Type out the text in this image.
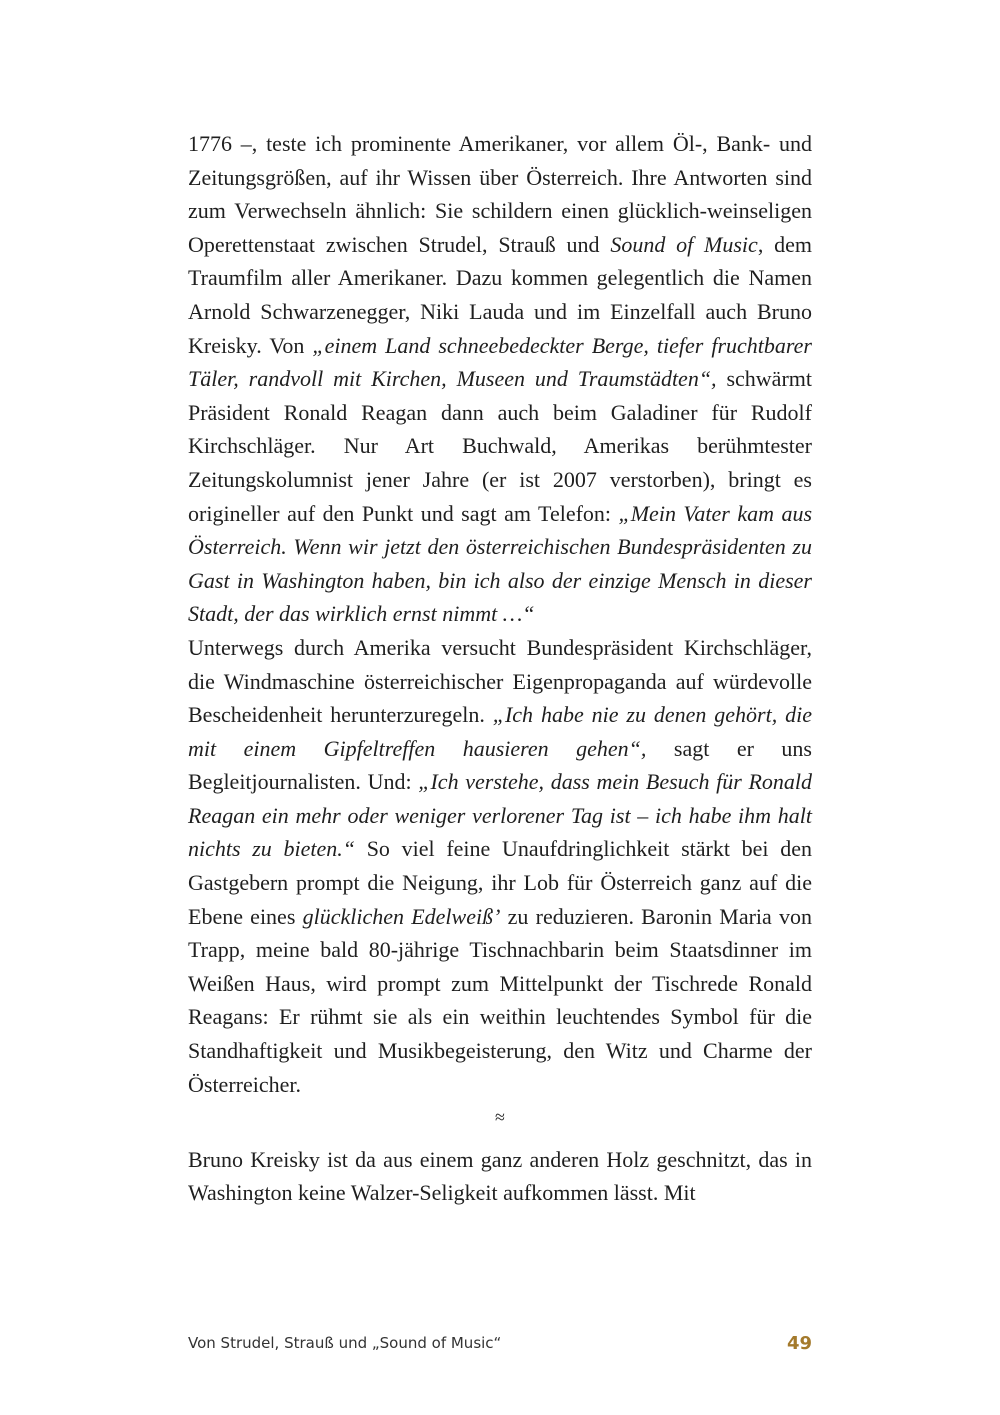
1776 –, teste ich prominente Amerikaner, vor allem Öl-, Bank- und Zeitungsgrößen, auf ihr Wissen über Österreich. Ihre Antworten sind zum Verwechseln ähnlich: Sie schildern einen glücklich-weinseligen Operettenstaat zwischen Strudel, Strauß und Sound of Music, dem Traumfilm aller Amerikaner. Dazu kommen gelegentlich die Namen Arnold Schwarzenegger, Niki Lauda und im Einzelfall auch Bruno Kreisky. Von „einem Land schneebedeckter Berge, tiefer fruchtbarer Täler, randvoll mit Kirchen, Museen und Traumstädten“, schwärmt Präsident Ronald Reagan dann auch beim Galadiner für Rudolf Kirchschläger. Nur Art Buchwald, Amerikas berühmtester Zeitungskolumnist jener Jahre (er ist 2007 verstorben), bringt es origineller auf den Punkt und sagt am Telefon: „Mein Vater kam aus Österreich. Wenn wir jetzt den österreichischen Bundespräsidenten zu Gast in Washington haben, bin ich also der einzige Mensch in dieser Stadt, der das wirklich ernst nimmt …“

Unterwegs durch Amerika versucht Bundespräsident Kirchschläger, die Windmaschine österreichischer Eigenpropaganda auf würdevolle Bescheidenheit herunterzuregeln. „Ich habe nie zu denen gehört, die mit einem Gipfeltreffen hausieren gehen“, sagt er uns Begleitjournalisten. Und: „Ich verstehe, dass mein Besuch für Ronald Reagan ein mehr oder weniger verlorener Tag ist – ich habe ihm halt nichts zu bieten.“ So viel feine Unaufdringlichkeit stärkt bei den Gastgebern prompt die Neigung, ihr Lob für Österreich ganz auf die Ebene eines glücklichen Edelweiß’ zu reduzieren. Baronin Maria von Trapp, meine bald 80-jährige Tischnachbarin beim Staatsdinner im Weißen Haus, wird prompt zum Mittelpunkt der Tischrede Ronald Reagans: Er rühmt sie als ein weithin leuchtendes Symbol für die Standhaftigkeit und Musikbegeisterung, den Witz und Charme der Österreicher.

≈

Bruno Kreisky ist da aus einem ganz anderen Holz geschnitzt, das in Washington keine Walzer-Seligkeit aufkommen lässt. Mit

Von Strudel, Strauß und „Sound of Music“	49
